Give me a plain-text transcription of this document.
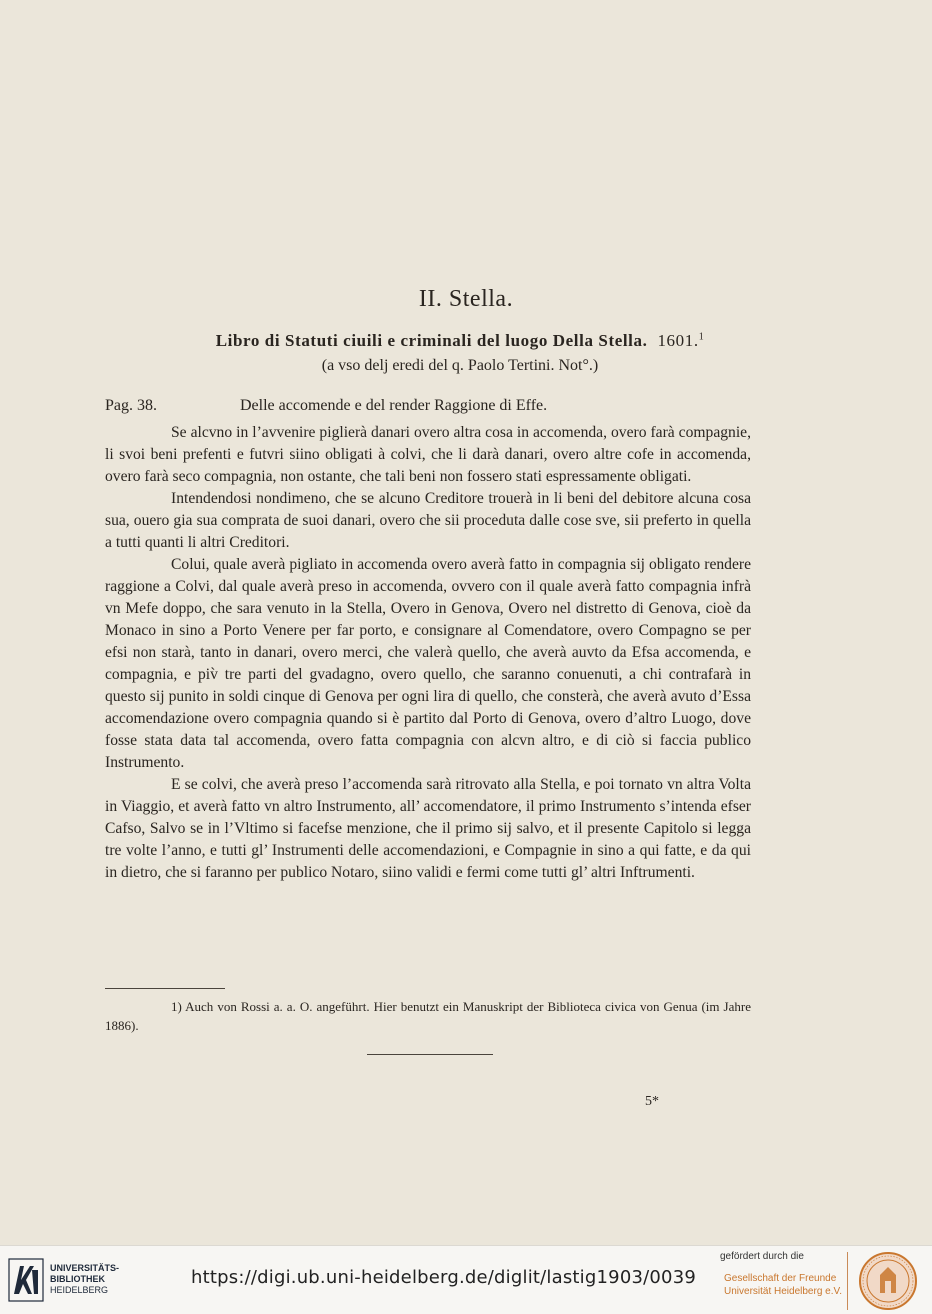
II. Stella.
Libro di Statuti ciuili e criminali del luogo Della Stella. 1601.$^1$
(a vso delj eredi del q. Paolo Tertini. Not°.)
Pag. 38.	Delle accomende e del render Raggione di Effe.

Se alcvno in l’avvenire piglierà danari overo altra cosa in accomenda, overo farà compagnie, li svoi beni prefenti e futvri siino obligati à colvi, che li darà danari, overo altre cofe in accomenda, overo farà seco compagnia, non ostante, che tali beni non fossero stati espressamente obligati.

Intendendosi nondimeno, che se alcuno Creditore trouerà in li beni del debitore alcuna cosa sua, ouero gia sua comprata de suoi danari, overo che sii proceduta dalle cose sve, sii preferto in quella a tutti quanti li altri Creditori.

Colui, quale averà pigliato in accomenda overo averà fatto in compagnia sij obligato rendere raggione a Colvi, dal quale averà preso in accomenda, ovvero con il quale averà fatto compagnia infrà vn Mefe doppo, che sara venuto in la Stella, Overo in Genova, Overo nel distretto di Genova, cioè da Monaco in sino a Porto Venere per far porto, e consignare al Comendatore, overo Compagno se per efsi non starà, tanto in danari, overo merci, che valerà quello, che averà auvto da Efsa accomenda, e compagnia, e piv̀ tre parti del gvadagno, overo quello, che saranno conuenuti, a chi contrafarà in questo sij punito in soldi cinque di Genova per ogni lira di quello, che consterà, che averà avuto d’Essa accomendazione overo compagnia quando si è partito dal Porto di Genova, overo d’altro Luogo, dove fosse stata data tal accomenda, overo fatta compagnia con alcvn altro, e di ciò si faccia publico Instrumento.

E se colvi, che averà preso l’accomenda sarà ritrovato alla Stella, e poi tornato vn altra Volta in Viaggio, et averà fatto vn altro Instrumento, all’ accomendatore, il primo Instrumento s’intenda efser Cafso, Salvo se in l’Vltimo si facefse menzione, che il primo sij salvo, et il presente Capitolo si legga tre volte l’anno, e tutti gl’ Instrumenti delle accomendazioni, e Compagnie in sino a qui fatte, e da qui in dietro, che si faranno per publico Notaro, siino validi e fermi come tutti gl’ altri Inftrumenti.

1) Auch von Rossi a. a. O. angeführt. Hier benutzt ein Manuskript der Biblioteca civica von Genua (im Jahre 1886).
5*
UNIVERSITÄTS-
BIBLIOTHEK
HEIDELBERG
https://digi.ub.uni-heidelberg.de/diglit/lastig1903/0039
gefördert durch die
Gesellschaft der Freunde
Universität Heidelberg e.V.
